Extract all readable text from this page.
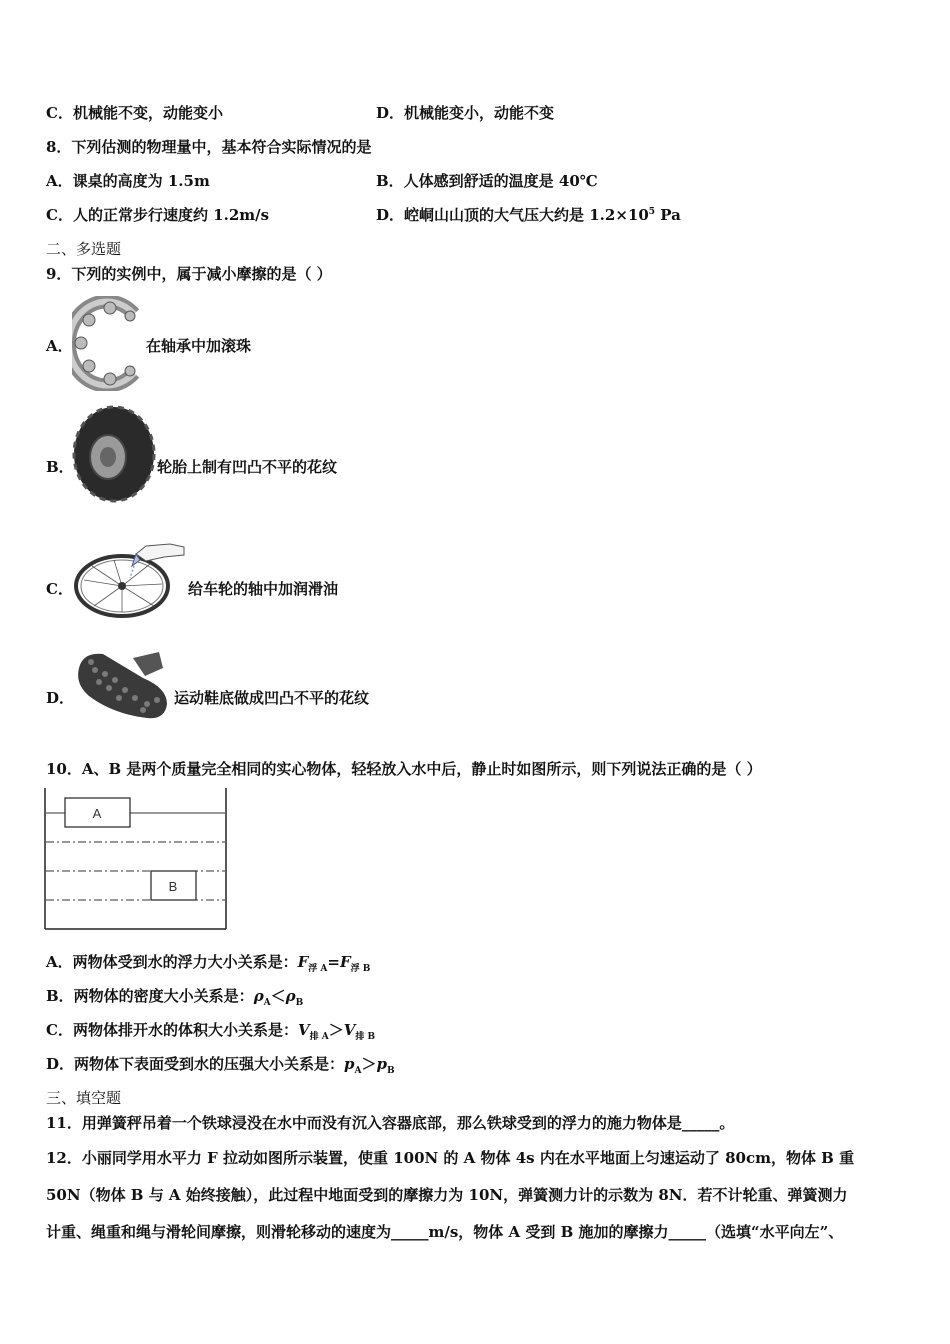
C．机械能不变，动能变小	D．机械能变小，动能不变
8．下列估测的物理量中，基本符合实际情况的是
A．课桌的高度为 1.5m	B．人体感到舒适的温度是 40℃
C．人的正常步行速度约 1.2m/s	D．崆峒山山顶的大气压大约是 $1.2\times 10^5$ Pa
二、多选题
9．下列的实例中，属于减小摩擦的是（ ）
A．	在轴承中加滚珠
B．	轮胎上制有凹凸不平的花纹
C．	给车轮的轴中加润滑油
D．	运动鞋底做成凹凸不平的花纹
10．A、B 是两个质量完全相同的实心物体，轻轻放入水中后，静止时如图所示，则下列说法正确的是（ ）
A
B
A．两物体受到水的浮力大小关系是：$F_{浮 A}=F_{浮 B}$
B．两物体的密度大小关系是：$\rho_A<\rho_B$
C．两物体排开水的体积大小关系是：$V_{排 A}>V_{排 B}$
D．两物体下表面受到水的压强大小关系是：$p_A>p_B$
三、填空题
11．用弹簧秤吊着一个铁球浸没在水中而没有沉入容器底部，那么铁球受到的浮力的施力物体是_____。
12．小丽同学用水平力 F 拉动如图所示装置，使重 100N 的 A 物体 4s 内在水平地面上匀速运动了 80cm，物体 B 重
50N（物体 B 与 A 始终接触），此过程中地面受到的摩擦力为 10N，弹簧测力计的示数为 8N．若不计轮重、弹簧测力
计重、绳重和绳与滑轮间摩擦，则滑轮移动的速度为_____m/s，物体 A 受到 B 施加的摩擦力_____（选填“水平向左”、
